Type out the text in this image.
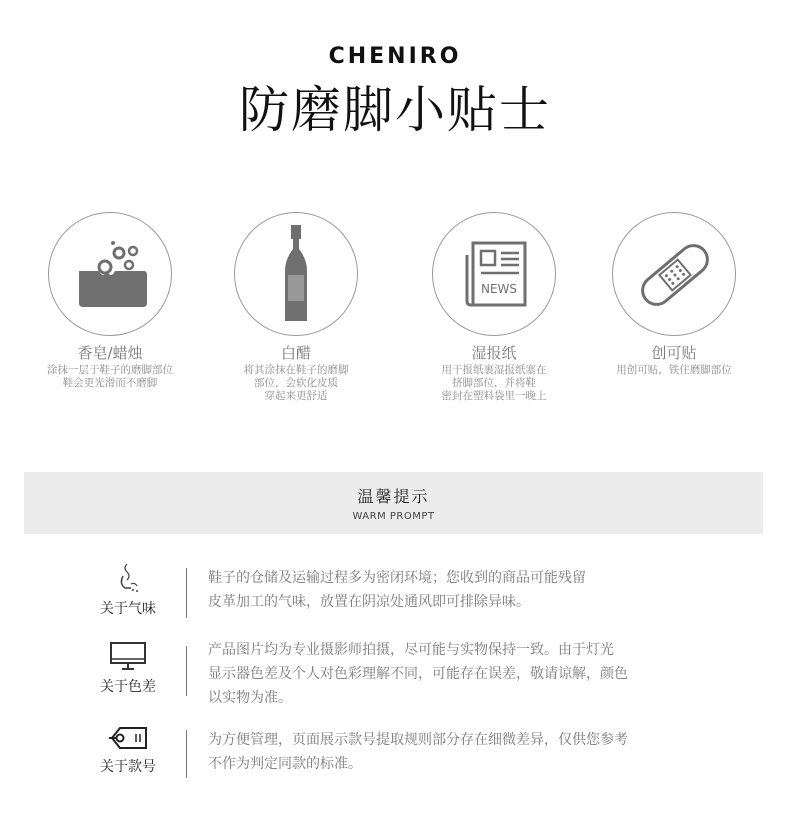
CHENIRO
防磨脚小贴士
香皂/蜡烛
涂抹一层于鞋子的磨脚部位
鞋会更光滑而不磨脚
白醋
将其涂抹在鞋子的磨脚
部位，会软化皮质
穿起来更舒适
NEWS
湿报纸
用干报纸裹湿报纸塞在
挤脚部位，并将鞋
密封在塑料袋里一晚上
创可贴
用创可贴，铁住磨脚部位
温馨提示
WARM PROMPT
关于气味
鞋子的仓储及运输过程多为密闭环境；您收到的商品可能残留
皮革加工的气味，放置在阴凉处通风即可排除异味。
关于色差
产品图片均为专业摄影师拍摄，尽可能与实物保持一致。由于灯光
显示器色差及个人对色彩理解不同，可能存在误差，敬请谅解，颜色
以实物为准。
关于款号
为方便管理，页面展示款号提取规则部分存在细微差异，仅供您参考
不作为判定同款的标准。
